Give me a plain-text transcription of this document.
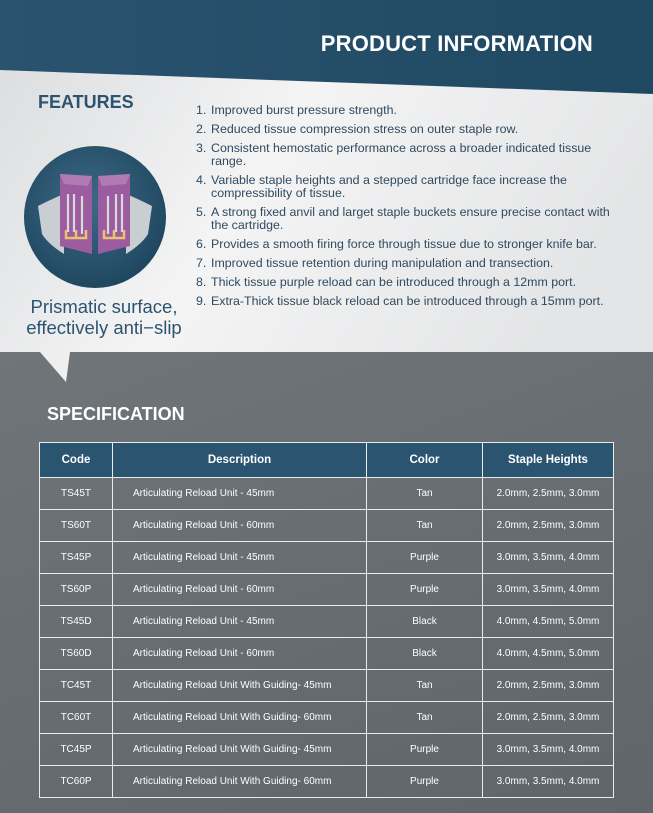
PRODUCT INFORMATION
FEATURES
Prismatic surface,
effectively anti−slip
1. Improved burst pressure strength.
2. Reduced tissue compression stress on outer staple row.
3. Consistent hemostatic performance across a broader indicated tissue range.
4. Variable staple heights and a stepped cartridge face increase the compressibility of tissue.
5. A strong fixed anvil and larget staple buckets ensure precise contact with the cartridge.
6. Provides a smooth firing force through tissue due to stronger knife bar.
7. Improved tissue retention during manipulation and transection.
8. Thick tissue purple reload can be introduced through a 12mm port.
9. Extra-Thick tissue black reload can be introduced through a 15mm port.
SPECIFICATION
Code	Description	Color	Staple Heights
TS45T	Articulating Reload Unit - 45mm	Tan	2.0mm, 2.5mm, 3.0mm
TS60T	Articulating Reload Unit - 60mm	Tan	2.0mm, 2.5mm, 3.0mm
TS45P	Articulating Reload Unit - 45mm	Purple	3.0mm, 3.5mm, 4.0mm
TS60P	Articulating Reload Unit - 60mm	Purple	3.0mm, 3.5mm, 4.0mm
TS45D	Articulating Reload Unit - 45mm	Black	4.0mm, 4.5mm, 5.0mm
TS60D	Articulating Reload Unit - 60mm	Black	4.0mm, 4.5mm, 5.0mm
TC45T	Articulating Reload Unit With Guiding- 45mm	Tan	2.0mm, 2.5mm, 3.0mm
TC60T	Articulating Reload Unit With Guiding- 60mm	Tan	2.0mm, 2.5mm, 3.0mm
TC45P	Articulating Reload Unit With Guiding- 45mm	Purple	3.0mm, 3.5mm, 4.0mm
TC60P	Articulating Reload Unit With Guiding- 60mm	Purple	3.0mm, 3.5mm, 4.0mm
